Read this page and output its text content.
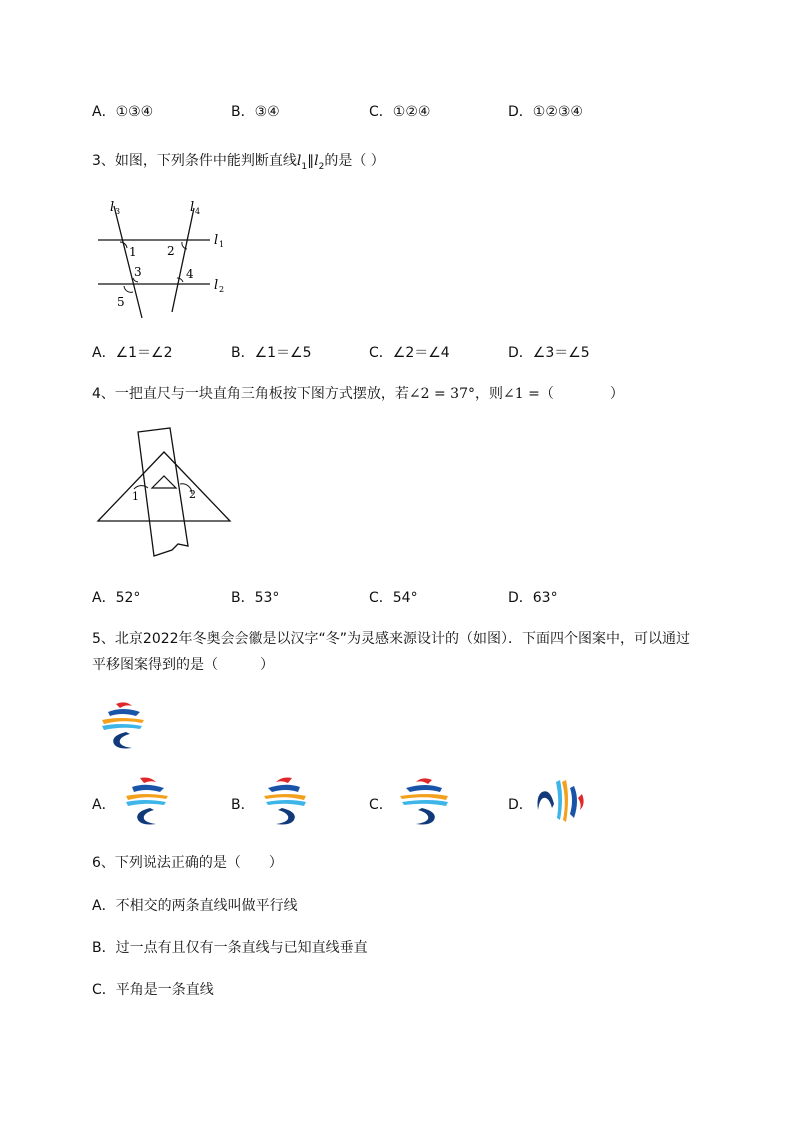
A．①③④	B．③④	C．①②④	D．①②③④
3、如图，下列条件中能判断直线$l_1\parallel l_2$的是（ ）
l 3	l 4
l 1
l 2
1	2
3	4
5
A．∠1＝∠2	B．∠1＝∠5	C．∠2＝∠4	D．∠3＝∠5
4、一把直尺与一块直角三角板按下图方式摆放，若∠2 = 37°，则∠1 =（　　　　）
1	2
A．52°	B．53°	C．54°	D．63°
5、北京2022年冬奥会会徽是以汉字“冬”为灵感来源设计的（如图）．下面四个图案中，可以通过
平移图案得到的是（　　　）
A．	B．	C．	D．
6、下列说法正确的是（　　）
A．不相交的两条直线叫做平行线
B．过一点有且仅有一条直线与已知直线垂直
C．平角是一条直线
